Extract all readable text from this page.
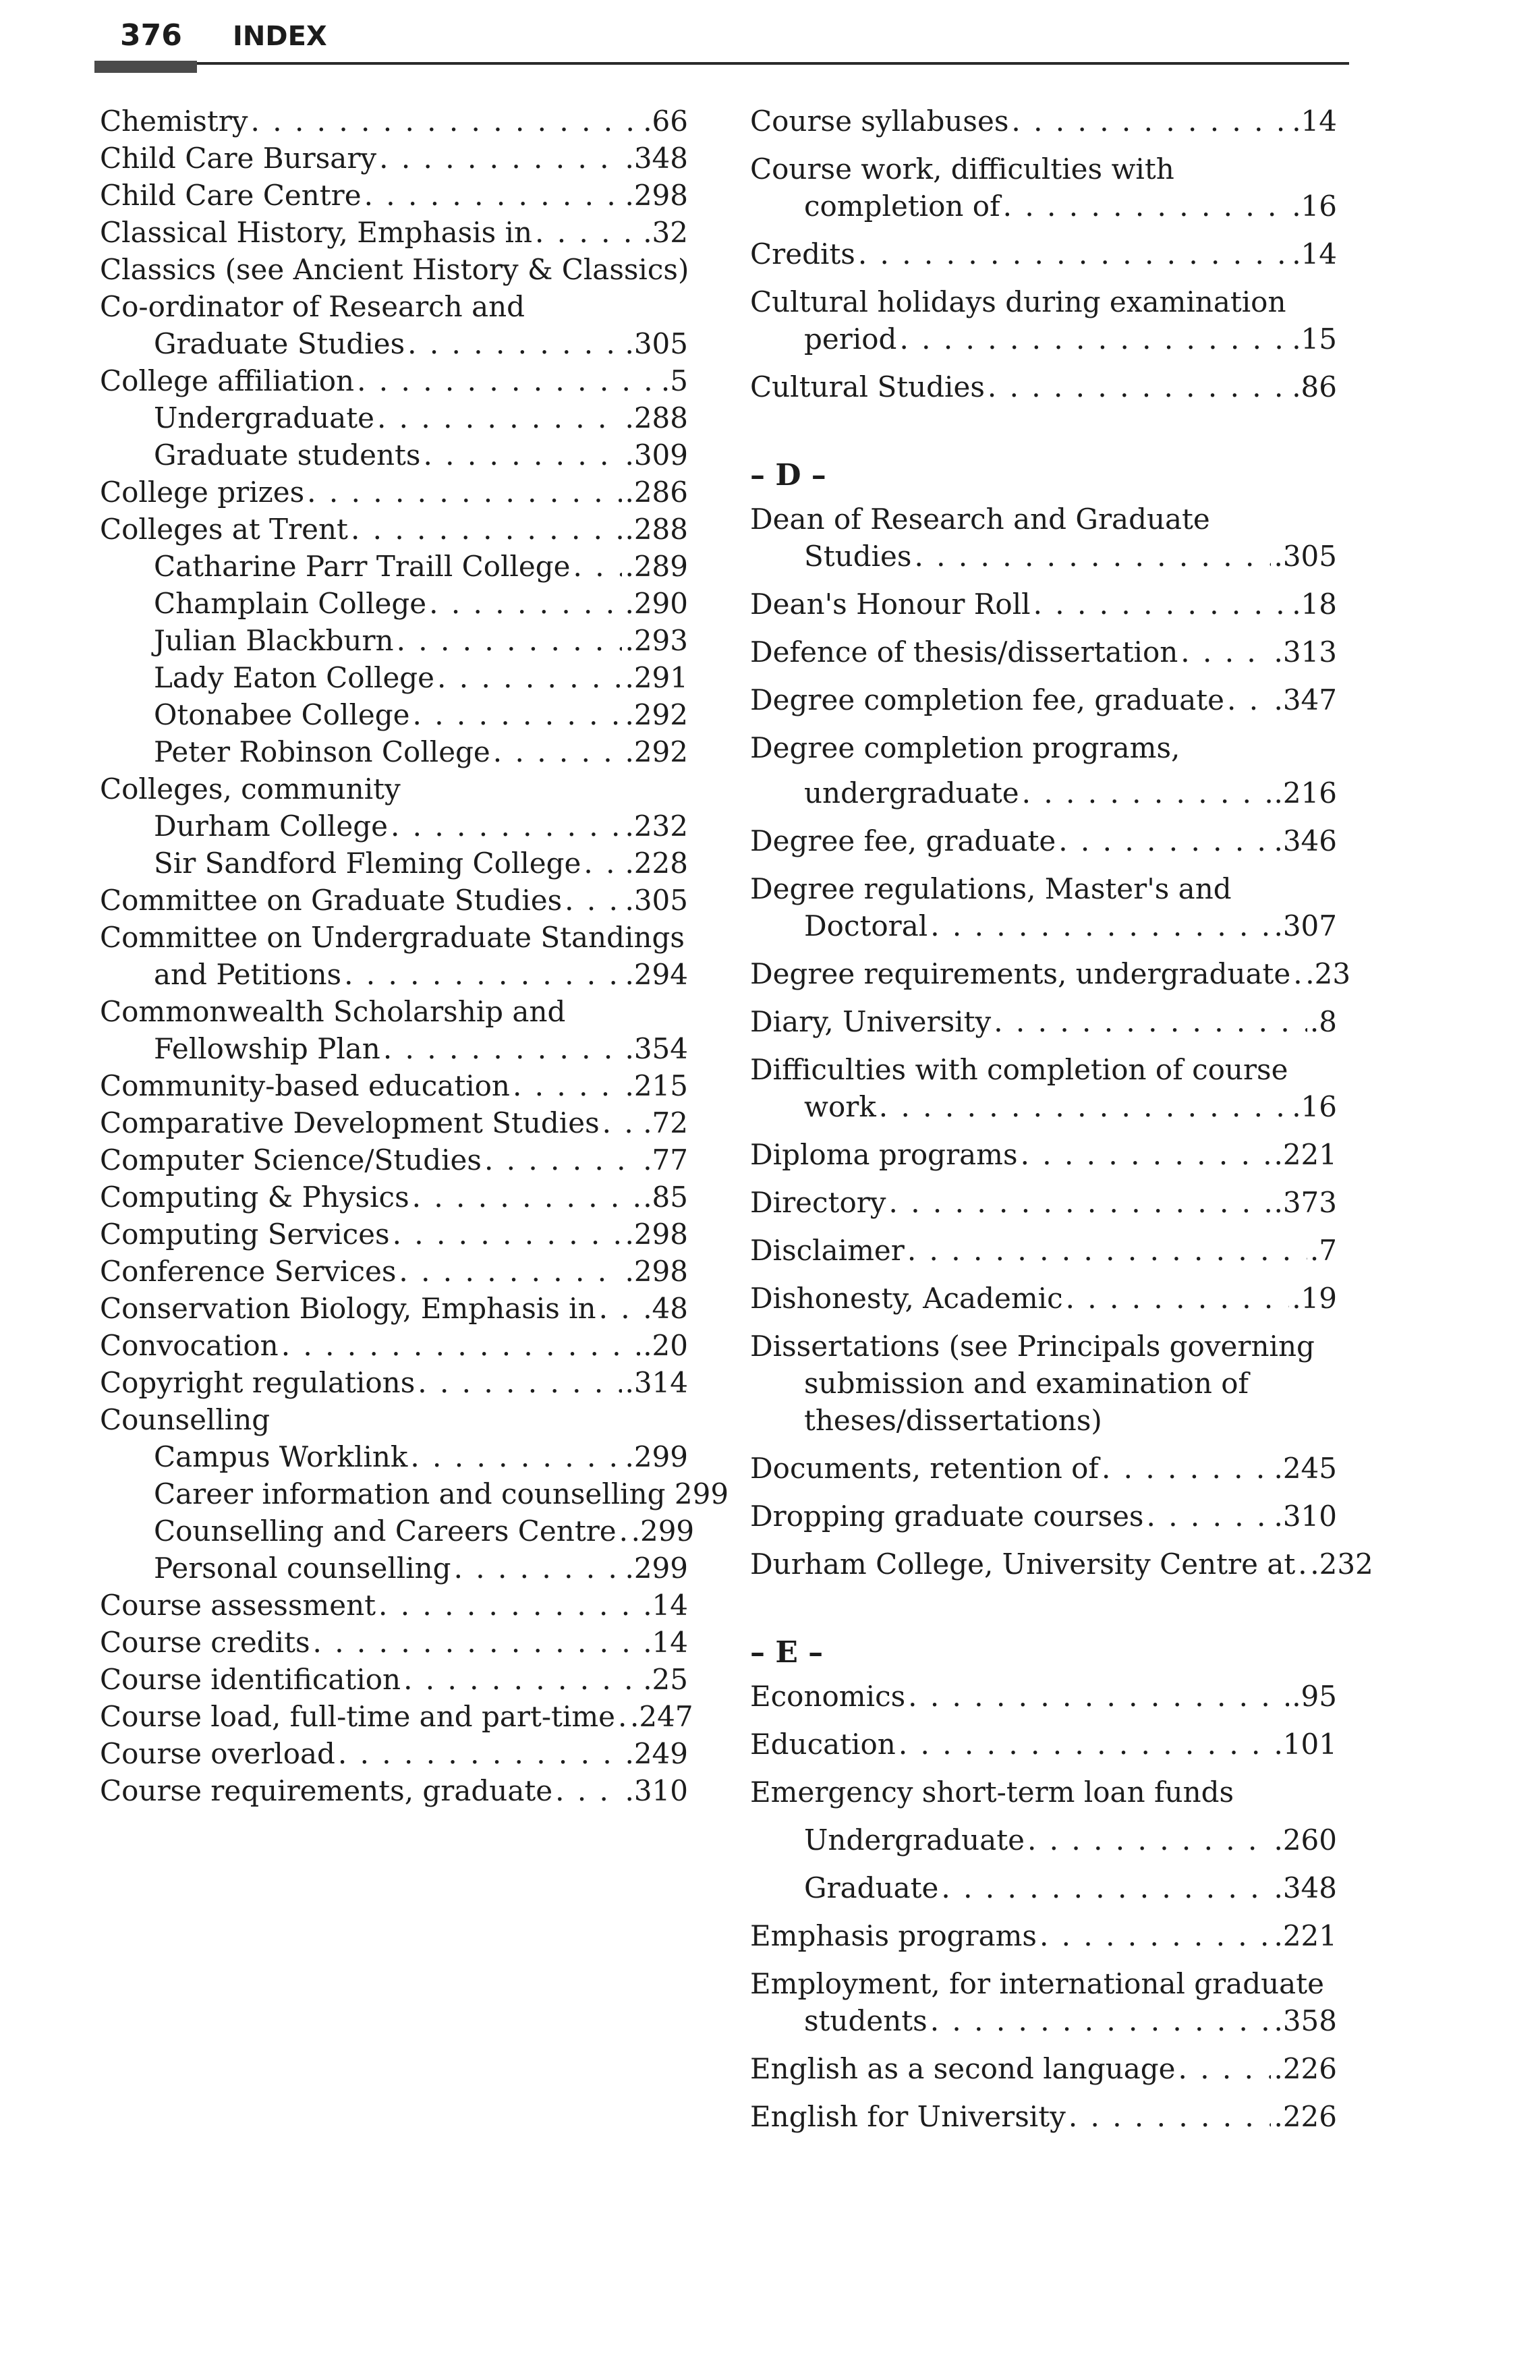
376 INDEX
Chemistry . . .	.66
Child Care Bursary . . .	.348
Child Care Centre . . .	.298
Classical History, Emphasis in . . .	.32
Classics (see Ancient History & Classics)
Co-ordinator of Research and
Graduate Studies . . .	.305
College affiliation . . .	.5
Undergraduate . . .	.288
Graduate students . . .	.309
College prizes . . .	.286
Colleges at Trent . . .	.288
Catharine Parr Traill College . . . .289
Champlain College . . .	.290
Julian Blackburn . . .	.293
Lady Eaton College . . .	.291
Otonabee College . . .	.292
Peter Robinson College . . .	.292
Colleges, community
Durham College . . .	.232
Sir Sandford Fleming College . . . .228
Committee on Graduate Studies . . . .305
Committee on Undergraduate Standings
and Petitions . . .	.294
Commonwealth Scholarship and
Fellowship Plan . . .	.354
Community-based education . . .	.215
Comparative Development Studies . . . .72
Computer Science/Studies . . .	.77
Computing & Physics . . .	.85
Computing Services . . .	.298
Conference Services . . .	.298
Conservation Biology, Emphasis in . . . .48
Convocation . . .	.20
Copyright regulations . . .	.314
Counselling
Campus Worklink . . .	.299
Career information and counselling 299
Counselling and Careers Centre . . . .299
Personal counselling . . .	.299
Course assessment . . .	.14
Course credits . . .	.14
Course identification . . .	.25
Course load, full-time and part-time . . . .247
Course overload . . .	.249
Course requirements, graduate . . .	.310
Course syllabuses . . .	.14
Course work, difficulties with
completion of . . .	.16
Credits . . .	.14
Cultural holidays during examination
period . . .	.15
Cultural Studies . . .	.86
– D –
Dean of Research and Graduate
Studies . . .	.305
Dean's Honour Roll . . .	.18
Defence of thesis/dissertation . . .	.313
Degree completion fee, graduate . . . .347
Degree completion programs,
undergraduate . . .	.216
Degree fee, graduate . . .	.346
Degree regulations, Master's and
Doctoral . . .	.307
Degree requirements, undergraduate . . . .23
Diary, University . . .	.8
Difficulties with completion of course
work . . .	.16
Diploma programs . . .	.221
Directory . . .	.373
Disclaimer . . .	.7
Dishonesty, Academic . . .	.19
Dissertations (see Principals governing
submission and examination of
theses/dissertations)
Documents, retention of . . .	.245
Dropping graduate courses . . .	.310
Durham College, University Centre at . . . .232
– E –
Economics . . .	.95
Education . . .	.101
Emergency short-term loan funds
Undergraduate . . .	.260
Graduate . . .	.348
Emphasis programs . . .	.221
Employment, for international graduate
students . . .	.358
English as a second language . . .	.226
English for University . . .	.226
